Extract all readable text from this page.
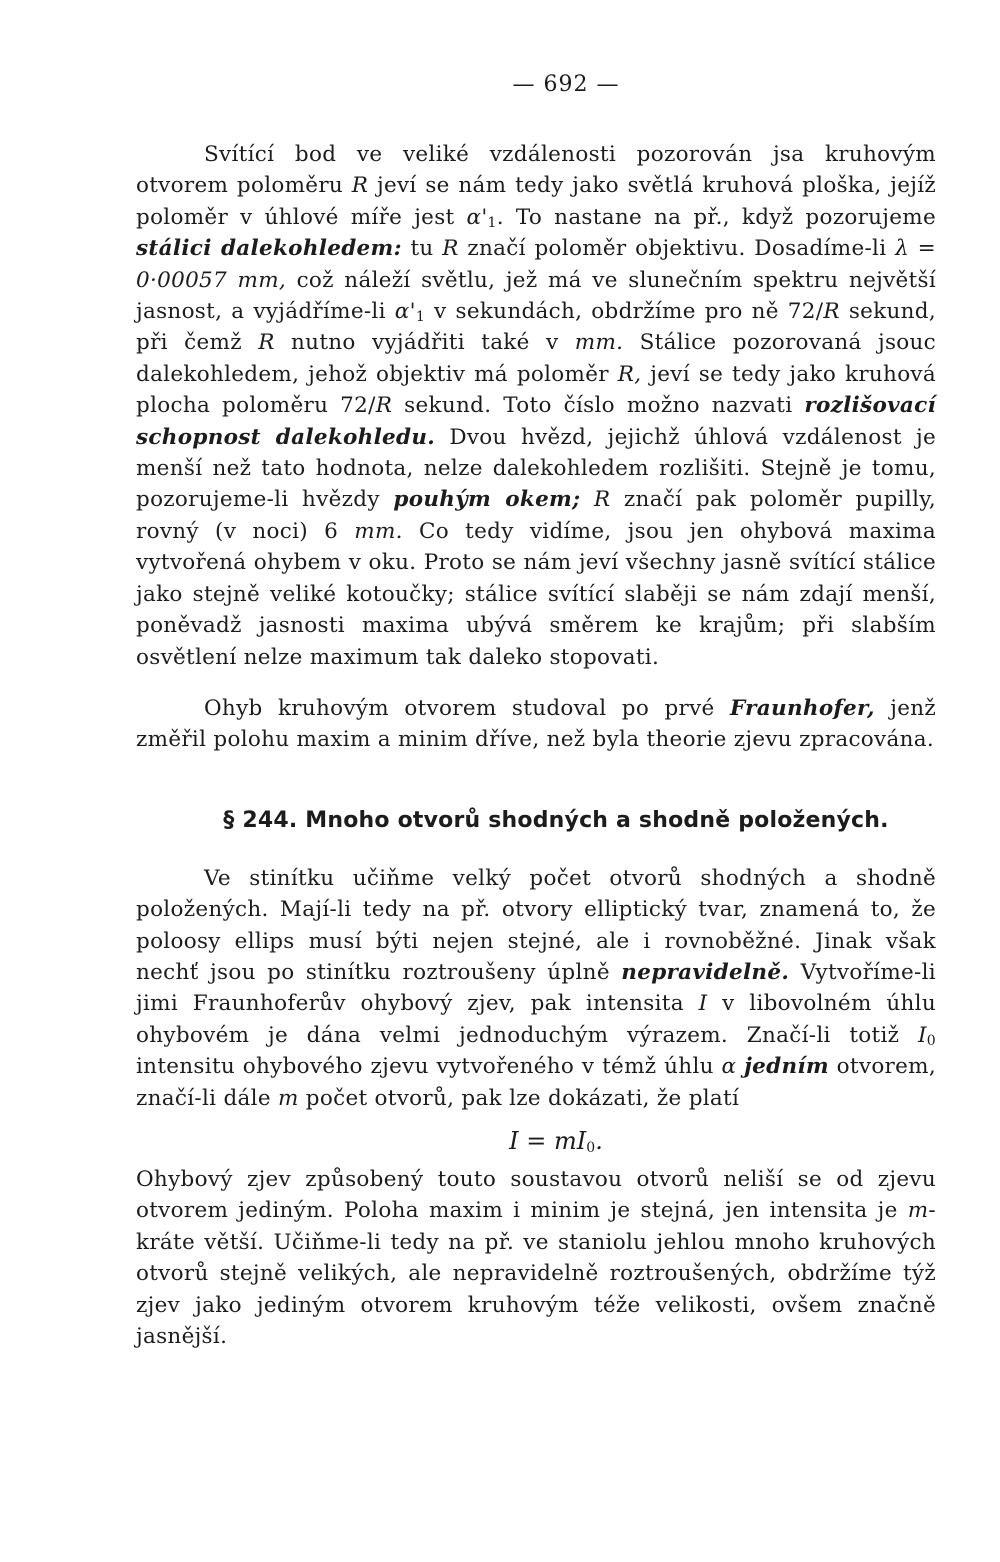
— 692 —

Svítící bod ve veliké vzdálenosti pozorován jsa kruhovým otvorem poloměru R jeví se nám tedy jako světlá kruhová ploška, jejíž poloměr v úhlové míře jest $\alpha'_1$. To nastane na př., když pozorujeme stálici dalekohledem: tu R značí poloměr objektivu. Dosadíme-li λ = 0·00057 mm, což náleží světlu, jež má ve slunečním spektru největší jasnost, a vyjádříme-li $\alpha'_1$ v sekundách, obdržíme pro ně 72/R sekund, při čemž R nutno vyjádřiti také v mm. Stálice pozorovaná jsouc dalekohledem, jehož objektiv má poloměr R, jeví se tedy jako kruhová plocha poloměru 72/R sekund. Toto číslo možno nazvati rozlišovací schopnost dalekohledu. Dvou hvězd, jejichž úhlová vzdálenost je menší než tato hodnota, nelze dalekohledem rozlišiti. Stejně je tomu, pozorujeme-li hvězdy pouhým okem; R značí pak poloměr pupilly, rovný (v noci) 6 mm. Co tedy vidíme, jsou jen ohybová maxima vytvořená ohybem v oku. Proto se nám jeví všechny jasně svítící stálice jako stejně veliké kotoučky; stálice svítící slaběji se nám zdají menší, poněvadž jasnosti maxima ubývá směrem ke krajům; při slabším osvětlení nelze maximum tak daleko stopovati.

Ohyb kruhovým otvorem studoval po prvé Fraunhofer, jenž změřil polohu maxim a minim dříve, než byla theorie zjevu zpracována.

§ 244. Mnoho otvorů shodných a shodně položených.

Ve stinítku učiňme velký počet otvorů shodných a shodně položených. Mají-li tedy na př. otvory elliptický tvar, znamená to, že poloosy ellips musí býti nejen stejné, ale i rovnoběžné. Jinak však nechť jsou po stinítku roztroušeny úplně nepravidelně. Vytvoříme-li jimi Fraunhoferův ohybový zjev, pak intensita I v libovolném úhlu ohybovém je dána velmi jednoduchým výrazem. Značí-li totiž $I_0$ intensitu ohybového zjevu vytvořeného v témž úhlu α jedním otvorem, značí-li dále m počet otvorů, pak lze dokázati, že platí

$I = mI_0$.

Ohybový zjev způsobený touto soustavou otvorů neliší se od zjevu otvorem jediným. Poloha maxim i minim je stejná, jen intensita je m-kráte větší. Učiňme-li tedy na př. ve staniolu jehlou mnoho kruhových otvorů stejně velikých, ale nepravidelně roztroušených, obdržíme týž zjev jako jediným otvorem kruhovým téže velikosti, ovšem značně jasnější.
